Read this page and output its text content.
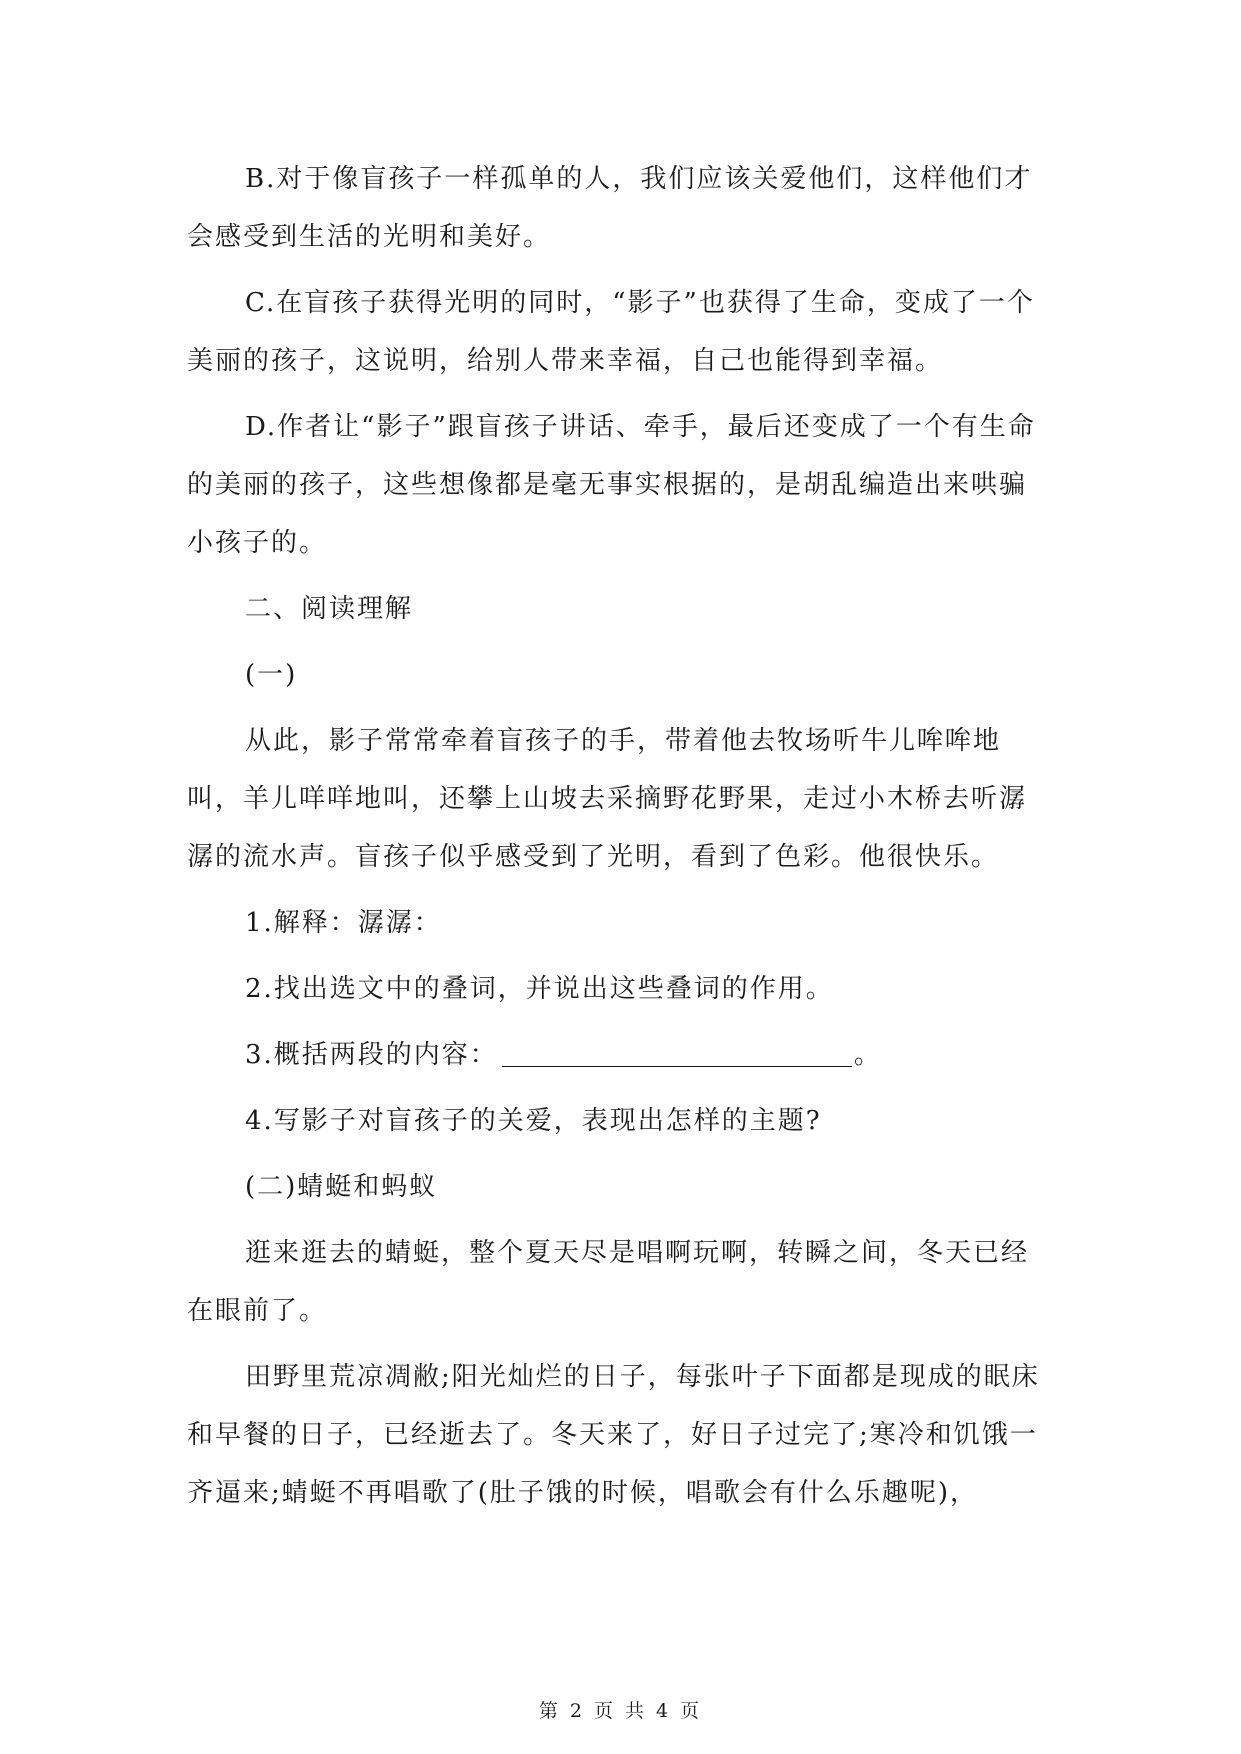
B.对于像盲孩子一样孤单的人，我们应该关爱他们，这样他们才会感受到生活的光明和美好。

C.在盲孩子获得光明的同时，“影子”也获得了生命，变成了一个美丽的孩子，这说明，给别人带来幸福，自己也能得到幸福。

D.作者让“影子”跟盲孩子讲话、牵手，最后还变成了一个有生命的美丽的孩子，这些想像都是毫无事实根据的，是胡乱编造出来哄骗小孩子的。

二、阅读理解

(一)

从此，影子常常牵着盲孩子的手，带着他去牧场听牛儿哞哞地叫，羊儿咩咩地叫，还攀上山坡去采摘野花野果，走过小木桥去听潺潺的流水声。盲孩子似乎感受到了光明，看到了色彩。他很快乐。

1.解释：潺潺：

2.找出选文中的叠词，并说出这些叠词的作用。

3.概括两段的内容：	。

4.写影子对盲孩子的关爱，表现出怎样的主题?

(二)蜻蜓和蚂蚁

逛来逛去的蜻蜓，整个夏天尽是唱啊玩啊，转瞬之间，冬天已经在眼前了。

田野里荒凉凋敝;阳光灿烂的日子，每张叶子下面都是现成的眠床和早餐的日子，已经逝去了。冬天来了，好日子过完了;寒冷和饥饿一齐逼来;蜻蜓不再唱歌了(肚子饿的时候，唱歌会有什么乐趣呢)，

第 2 页 共 4 页
